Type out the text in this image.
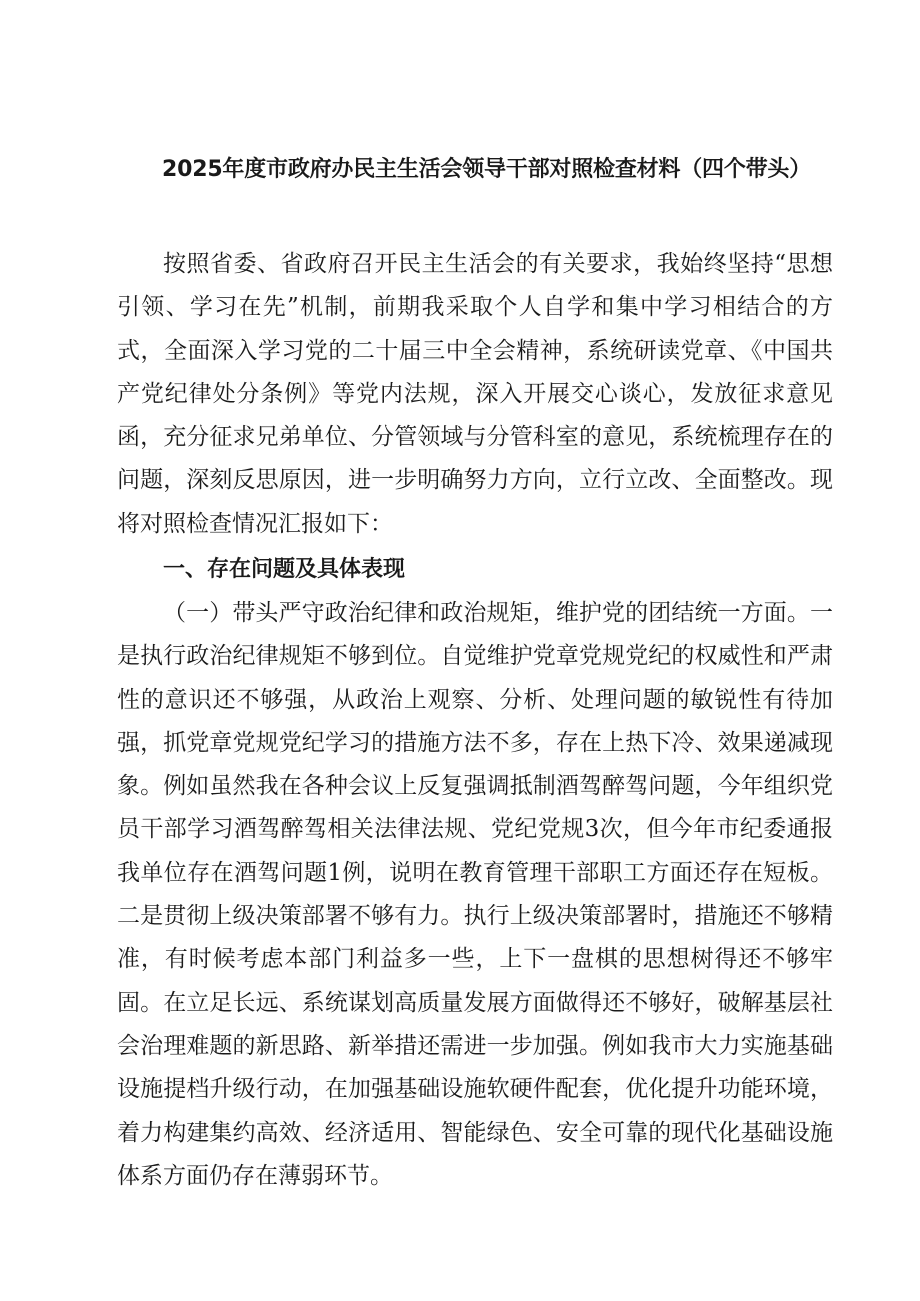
2025年度市政府办民主生活会领导干部对照检查材料（四个带头）

按照省委、省政府召开民主生活会的有关要求，我始终坚持“思想引领、学习在先”机制，前期我采取个人自学和集中学习相结合的方式，全面深入学习党的二十届三中全会精神，系统研读党章、《中国共产党纪律处分条例》等党内法规，深入开展交心谈心，发放征求意见函，充分征求兄弟单位、分管领域与分管科室的意见，系统梳理存在的问题，深刻反思原因，进一步明确努力方向，立行立改、全面整改。现将对照检查情况汇报如下：

一、存在问题及具体表现

（一）带头严守政治纪律和政治规矩，维护党的团结统一方面。一是执行政治纪律规矩不够到位。自觉维护党章党规党纪的权威性和严肃性的意识还不够强，从政治上观察、分析、处理问题的敏锐性有待加强，抓党章党规党纪学习的措施方法不多，存在上热下冷、效果递减现象。例如虽然我在各种会议上反复强调抵制酒驾醉驾问题，今年组织党员干部学习酒驾醉驾相关法律法规、党纪党规3次，但今年市纪委通报我单位存在酒驾问题1例，说明在教育管理干部职工方面还存在短板。二是贯彻上级决策部署不够有力。执行上级决策部署时，措施还不够精准，有时候考虑本部门利益多一些，上下一盘棋的思想树得还不够牢固。在立足长远、系统谋划高质量发展方面做得还不够好，破解基层社会治理难题的新思路、新举措还需进一步加强。例如我市大力实施基础设施提档升级行动，在加强基础设施软硬件配套，优化提升功能环境，着力构建集约高效、经济适用、智能绿色、安全可靠的现代化基础设施体系方面仍存在薄弱环节。
